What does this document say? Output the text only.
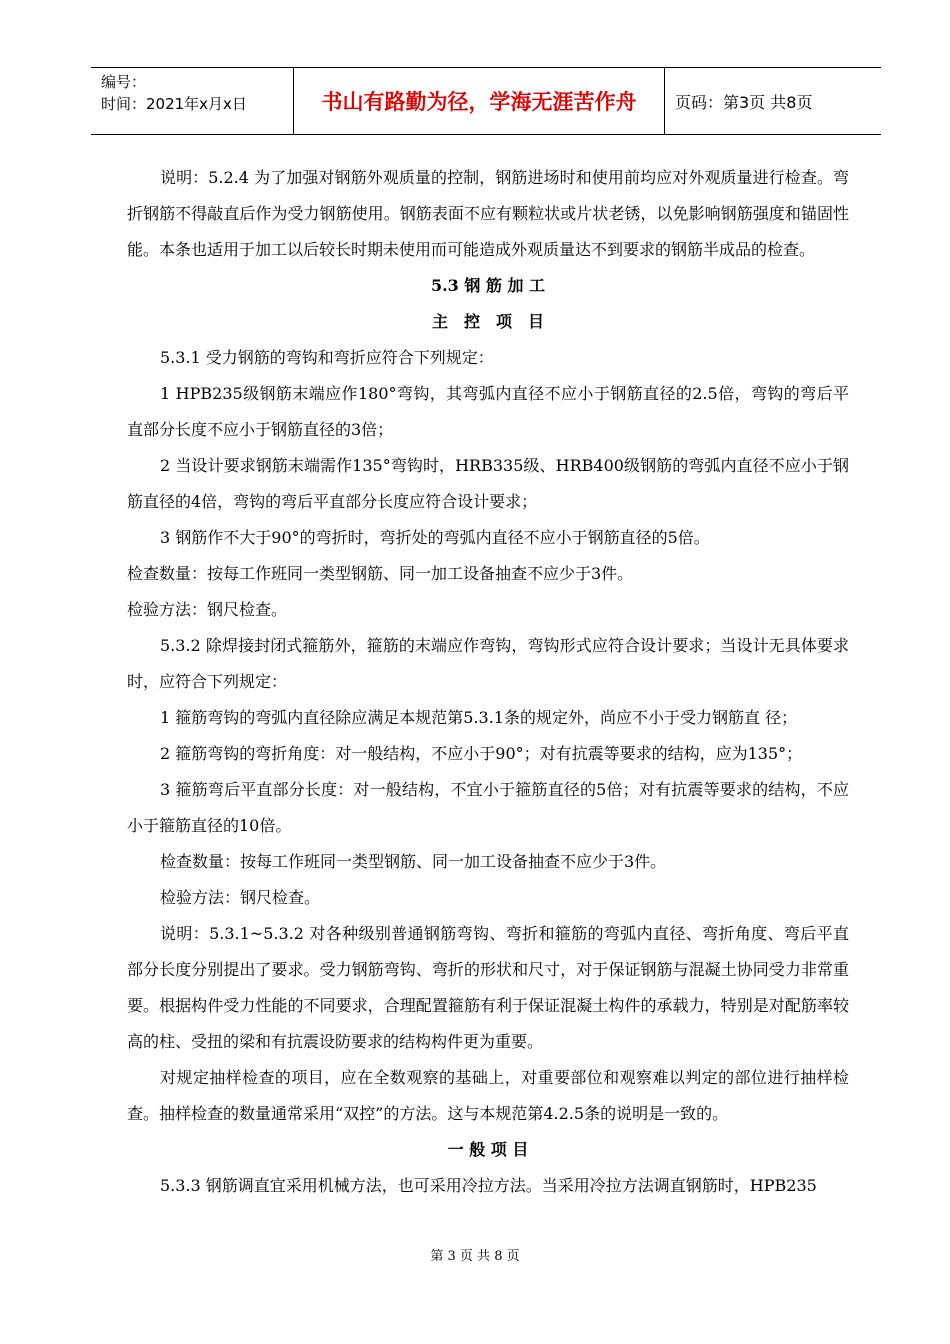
编号：
时间：2021年x月x日	书山有路勤为径，学海无涯苦作舟	页码：第3页 共8页

说明：5.2.4 为了加强对钢筋外观质量的控制，钢筋进场时和使用前均应对外观质量进行检查。弯折钢筋不得敲直后作为受力钢筋使用。钢筋表面不应有颗粒状或片状老锈，以免影响钢筋强度和锚固性能。本条也适用于加工以后较长时期未使用而可能造成外观质量达不到要求的钢筋半成品的检查。

5.3 钢 筋 加 工

主　控　项　目

5.3.1 受力钢筋的弯钩和弯折应符合下列规定：

1 HPB235级钢筋末端应作180°弯钩，其弯弧内直径不应小于钢筋直径的2.5倍，弯钩的弯后平直部分长度不应小于钢筋直径的3倍；

2 当设计要求钢筋末端需作135°弯钩时，HRB335级、HRB400级钢筋的弯弧内直径不应小于钢筋直径的4倍，弯钩的弯后平直部分长度应符合设计要求；

3 钢筋作不大于90°的弯折时，弯折处的弯弧内直径不应小于钢筋直径的5倍。

检查数量：按每工作班同一类型钢筋、同一加工设备抽查不应少于3件。

检验方法：钢尺检查。

5.3.2 除焊接封闭式箍筋外，箍筋的末端应作弯钩，弯钩形式应符合设计要求；当设计无具体要求时，应符合下列规定：

1 箍筋弯钩的弯弧内直径除应满足本规范第5.3.1条的规定外，尚应不小于受力钢筋直 径；

2 箍筋弯钩的弯折角度：对一般结构，不应小于90°；对有抗震等要求的结构，应为135°；

3 箍筋弯后平直部分长度：对一般结构，不宜小于箍筋直径的5倍；对有抗震等要求的结构，不应小于箍筋直径的10倍。

检查数量：按每工作班同一类型钢筋、同一加工设备抽查不应少于3件。

检验方法：钢尺检查。

说明：5.3.1~5.3.2 对各种级别普通钢筋弯钩、弯折和箍筋的弯弧内直径、弯折角度、弯后平直部分长度分别提出了要求。受力钢筋弯钩、弯折的形状和尺寸，对于保证钢筋与混凝土协同受力非常重要。根据构件受力性能的不同要求，合理配置箍筋有利于保证混凝土构件的承载力，特别是对配筋率较高的柱、受扭的梁和有抗震设防要求的结构构件更为重要。

对规定抽样检查的项目，应在全数观察的基础上，对重要部位和观察难以判定的部位进行抽样检查。抽样检查的数量通常采用“双控”的方法。这与本规范第4.2.5条的说明是一致的。

一 般 项 目

5.3.3 钢筋调直宜采用机械方法，也可采用冷拉方法。当采用冷拉方法调直钢筋时，HPB235

第 3 页 共 8 页
